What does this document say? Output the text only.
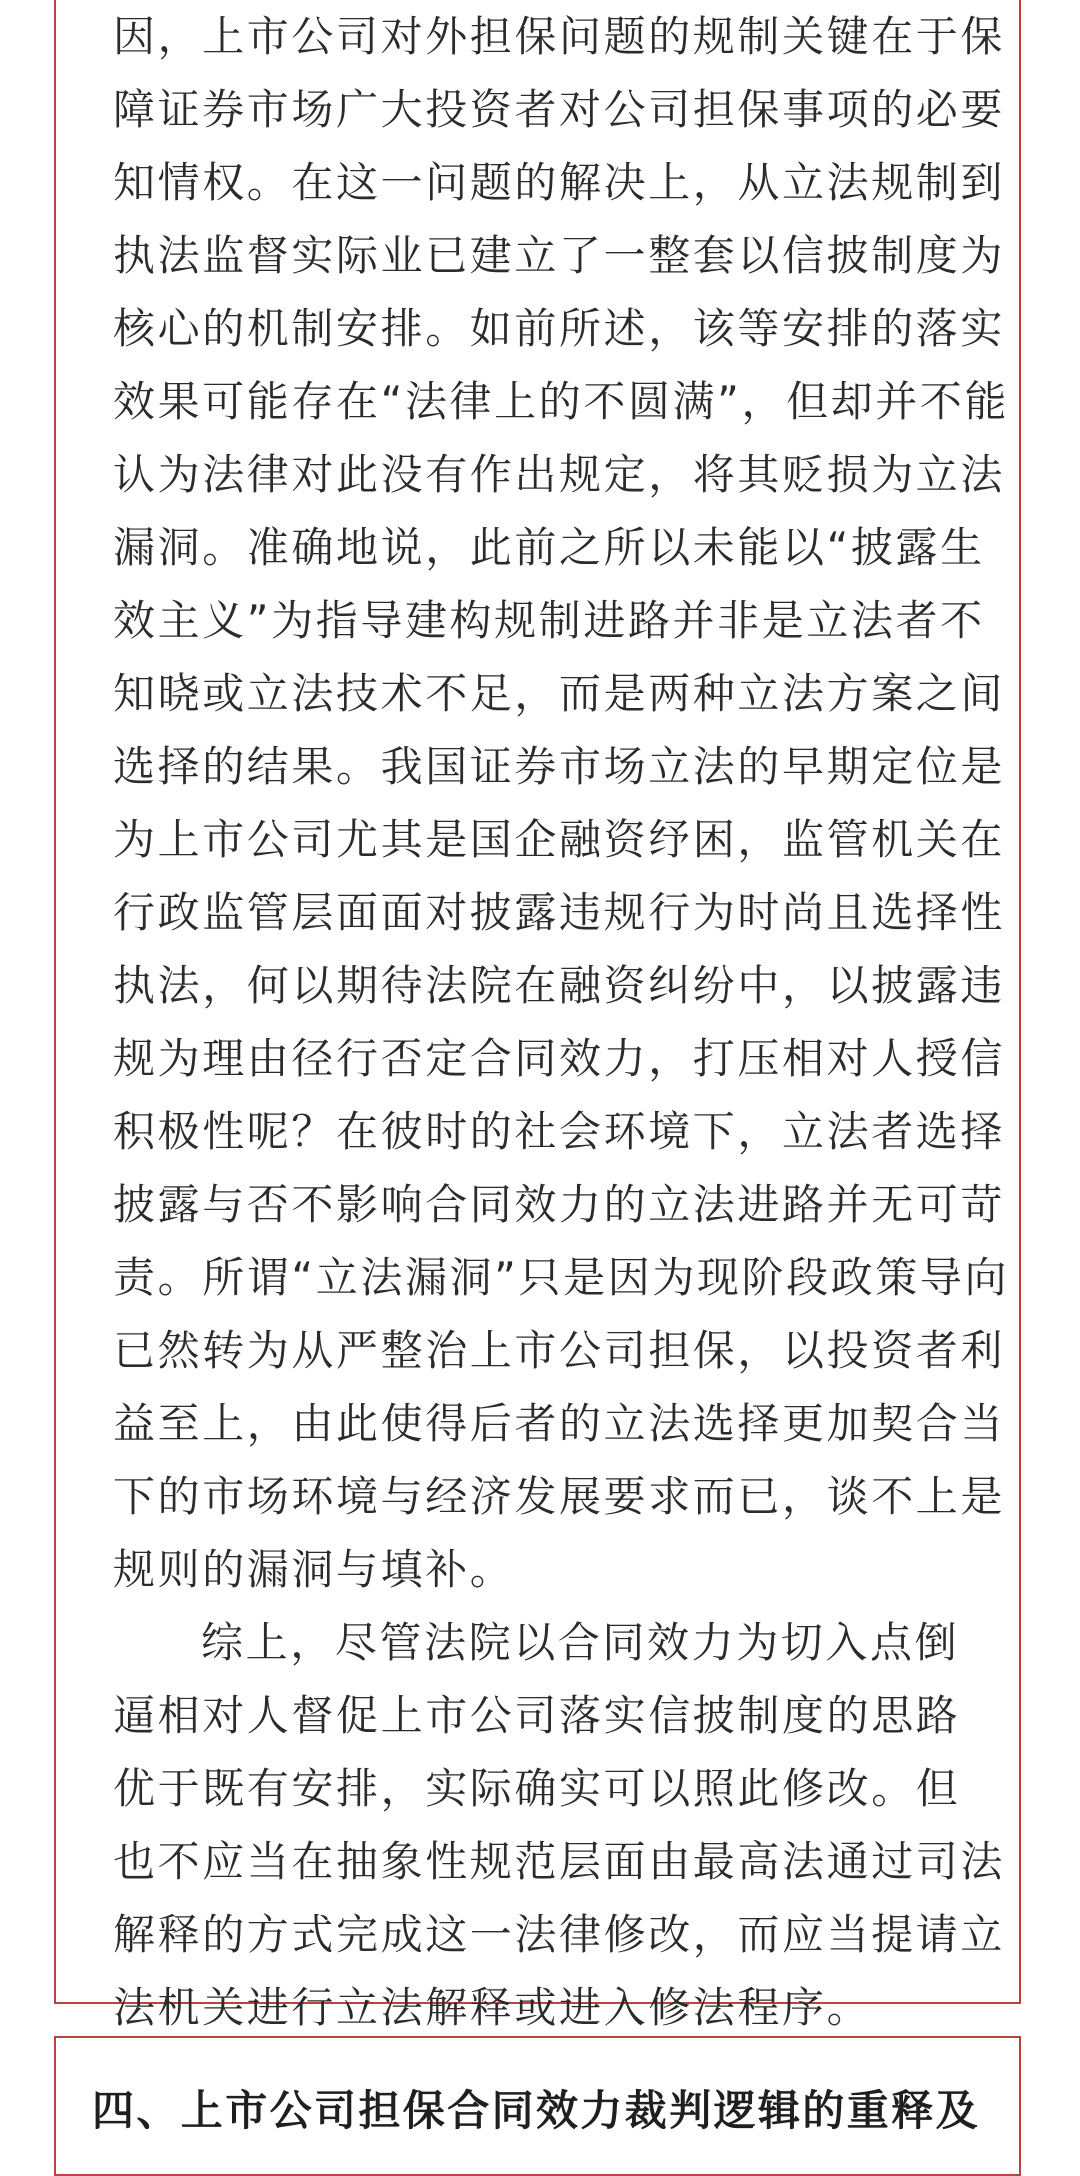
因，上市公司对外担保问题的规制关键在于保
障证券市场广大投资者对公司担保事项的必要
知情权。在这一问题的解决上，从立法规制到
执法监督实际业已建立了一整套以信披制度为
核心的机制安排。如前所述，该等安排的落实
效果可能存在“法律上的不圆满”，但却并不能
认为法律对此没有作出规定，将其贬损为立法
漏洞。准确地说，此前之所以未能以“披露生
效主义”为指导建构规制进路并非是立法者不
知晓或立法技术不足，而是两种立法方案之间
选择的结果。我国证券市场立法的早期定位是
为上市公司尤其是国企融资纾困，监管机关在
行政监管层面面对披露违规行为时尚且选择性
执法，何以期待法院在融资纠纷中，以披露违
规为理由径行否定合同效力，打压相对人授信
积极性呢？在彼时的社会环境下，立法者选择
披露与否不影响合同效力的立法进路并无可苛
责。所谓“立法漏洞”只是因为现阶段政策导向
已然转为从严整治上市公司担保，以投资者利
益至上，由此使得后者的立法选择更加契合当
下的市场环境与经济发展要求而已，谈不上是
规则的漏洞与填补。
综上，尽管法院以合同效力为切入点倒
逼相对人督促上市公司落实信披制度的思路
优于既有安排，实际确实可以照此修改。但
也不应当在抽象性规范层面由最高法通过司法
解释的方式完成这一法律修改，而应当提请立
法机关进行立法解释或进入修法程序。
四、上市公司担保合同效力裁判逻辑的重释及
